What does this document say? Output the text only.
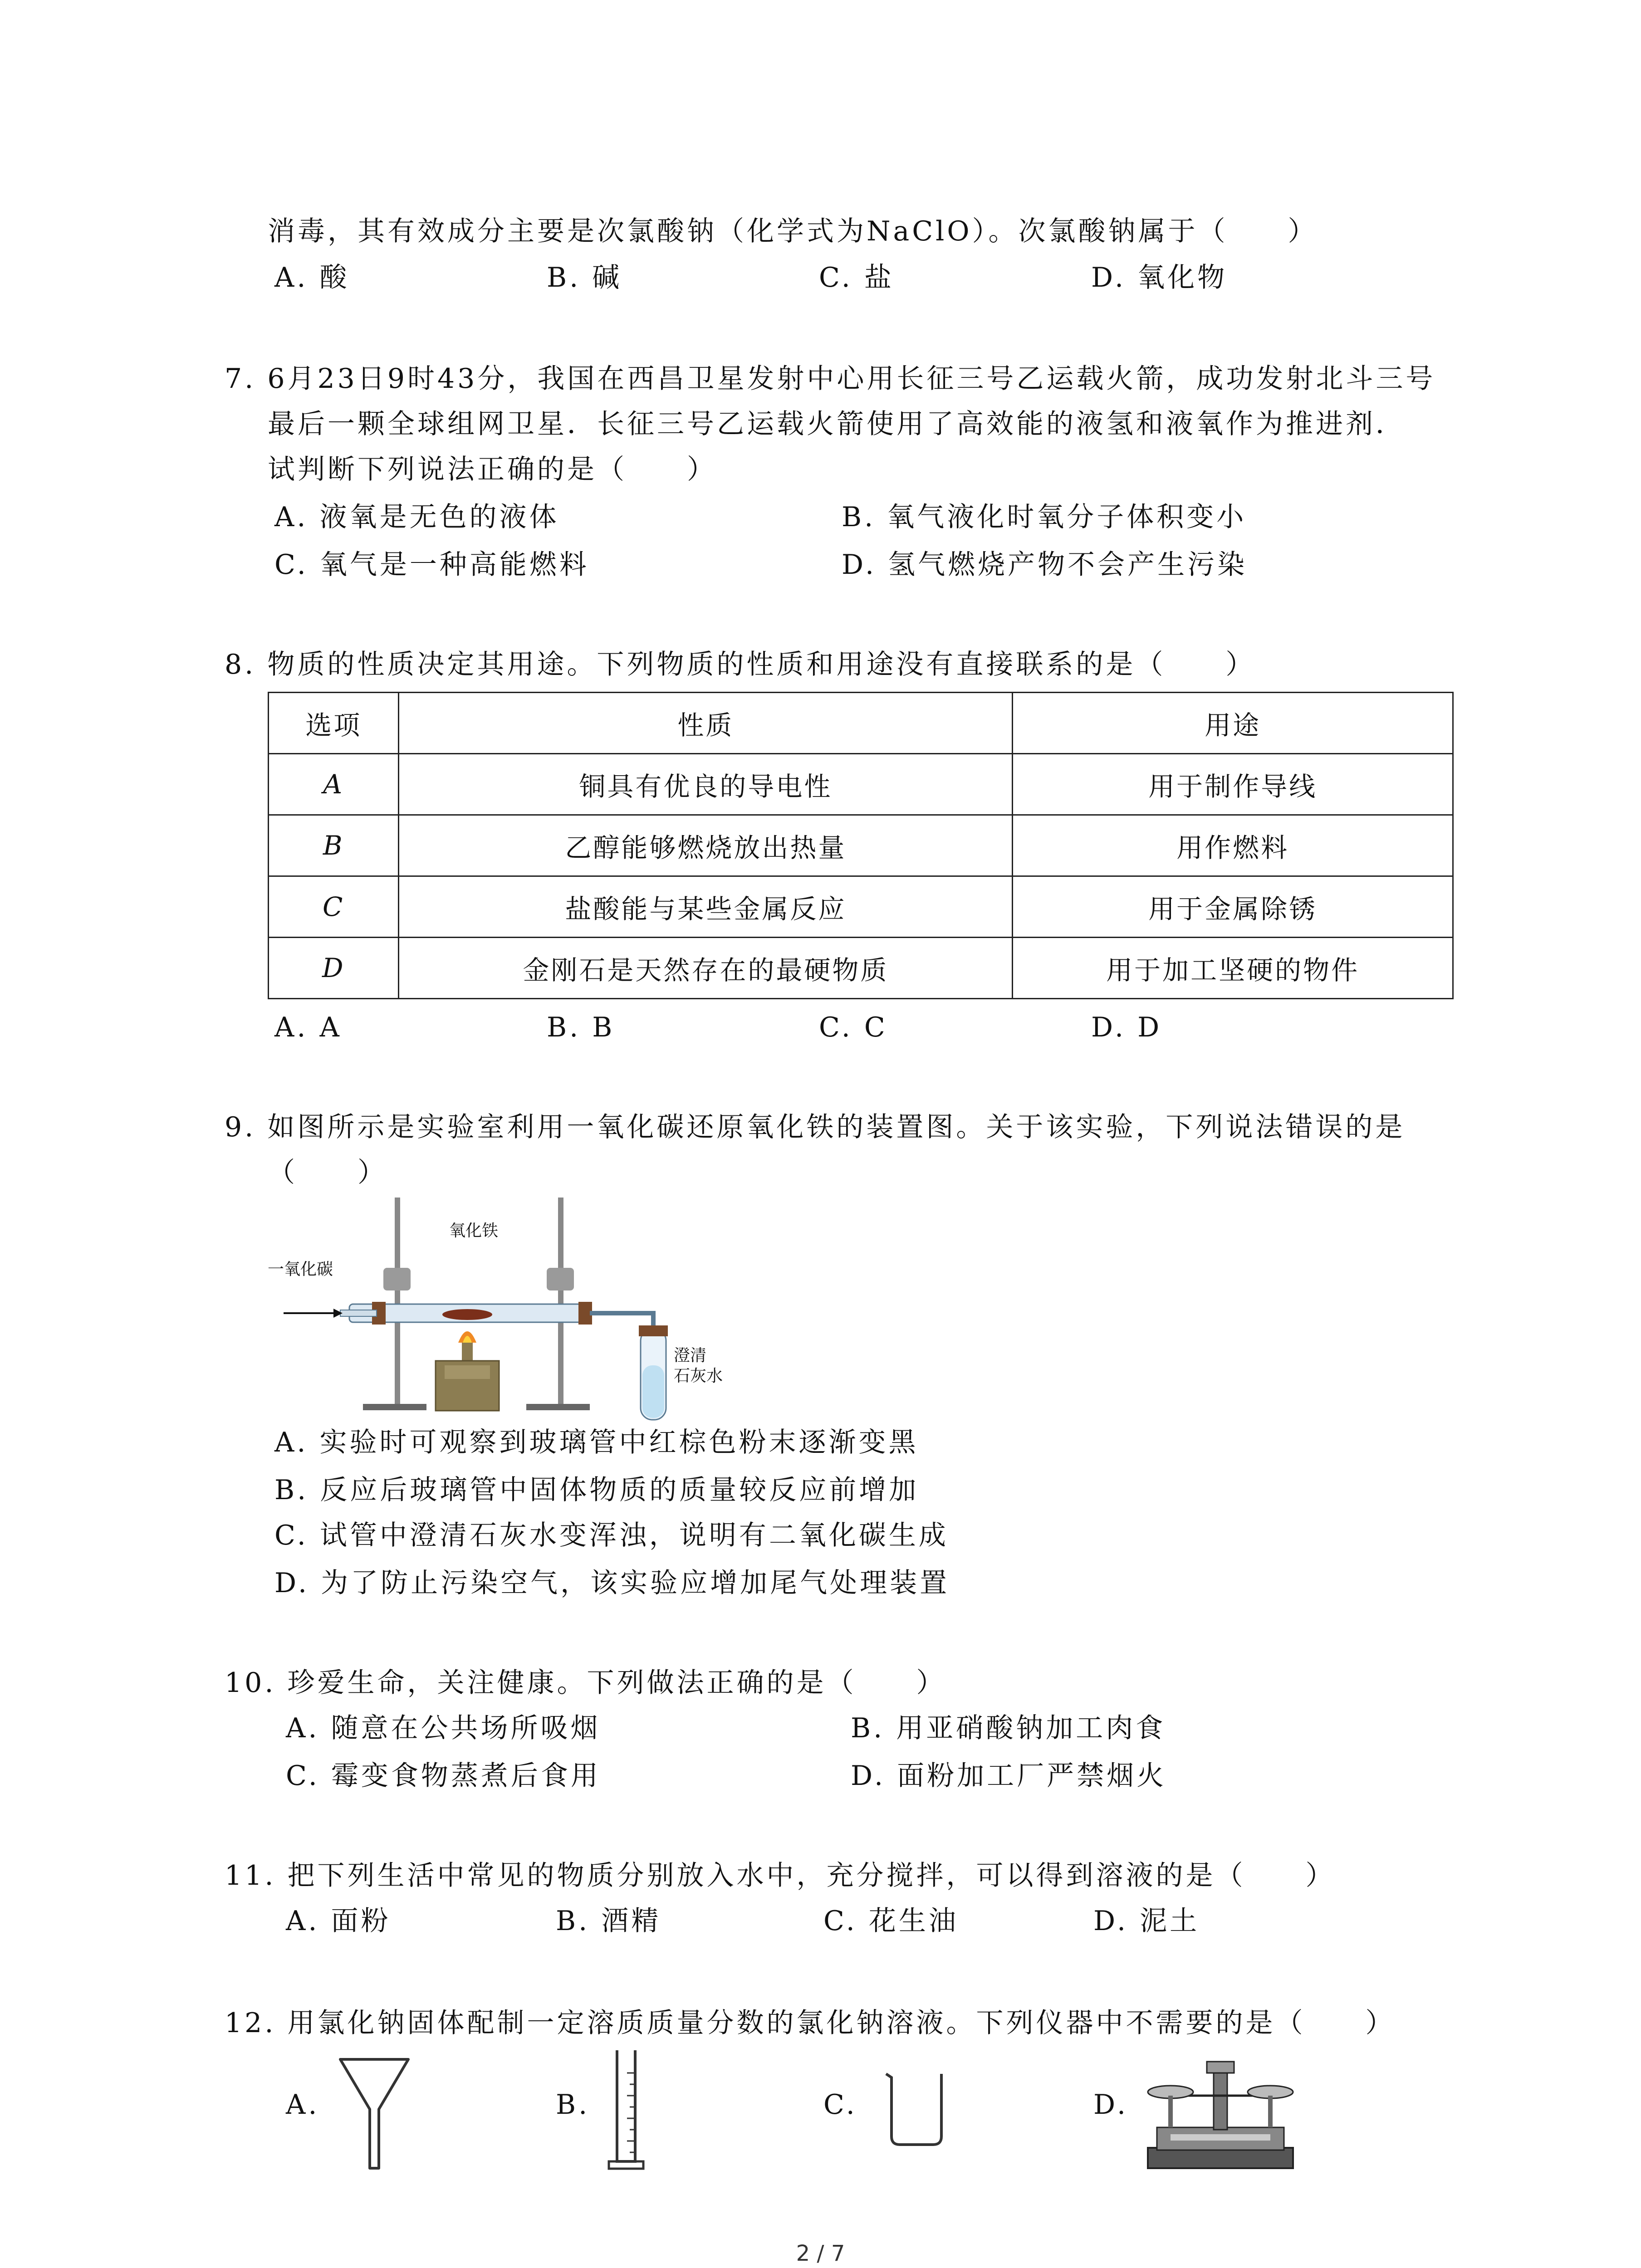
消毒，其有效成分主要是次氯酸钠（化学式为NaClO）。次氯酸钠属于（　　）
A. 酸	B. 碱	C. 盐	D. 氧化物
7. 6月23日9时43分，我国在西昌卫星发射中心用长征三号乙运载火箭，成功发射北斗三号
最后一颗全球组网卫星．长征三号乙运载火箭使用了高效能的液氢和液氧作为推进剂．
试判断下列说法正确的是（　　）
A. 液氧是无色的液体	B. 氧气液化时氧分子体积变小
C. 氧气是一种高能燃料	D. 氢气燃烧产物不会产生污染
8. 物质的性质决定其用途。下列物质的性质和用途没有直接联系的是（　　）
选项	性质	用途
A	铜具有优良的导电性	用于制作导线
B	乙醇能够燃烧放出热量	用作燃料
C	盐酸能与某些金属反应	用于金属除锈
D	金刚石是天然存在的最硬物质	用于加工坚硬的物件
A. A	B. B	C. C	D. D
9. 如图所示是实验室利用一氧化碳还原氧化铁的装置图。关于该实验，下列说法错误的是
（　　）
一氧化碳
氧化铁
澄清
石灰水
A. 实验时可观察到玻璃管中红棕色粉末逐渐变黑
B. 反应后玻璃管中固体物质的质量较反应前增加
C. 试管中澄清石灰水变浑浊，说明有二氧化碳生成
D. 为了防止污染空气，该实验应增加尾气处理装置
10. 珍爱生命，关注健康。下列做法正确的是（　　）
A. 随意在公共场所吸烟	B. 用亚硝酸钠加工肉食
C. 霉变食物蒸煮后食用	D. 面粉加工厂严禁烟火
11. 把下列生活中常见的物质分别放入水中，充分搅拌，可以得到溶液的是（　　）
A. 面粉	B. 酒精	C. 花生油	D. 泥土
12. 用氯化钠固体配制一定溶质质量分数的氯化钠溶液。下列仪器中不需要的是（　　）
A.	B.	C.	D.
2 / 7
